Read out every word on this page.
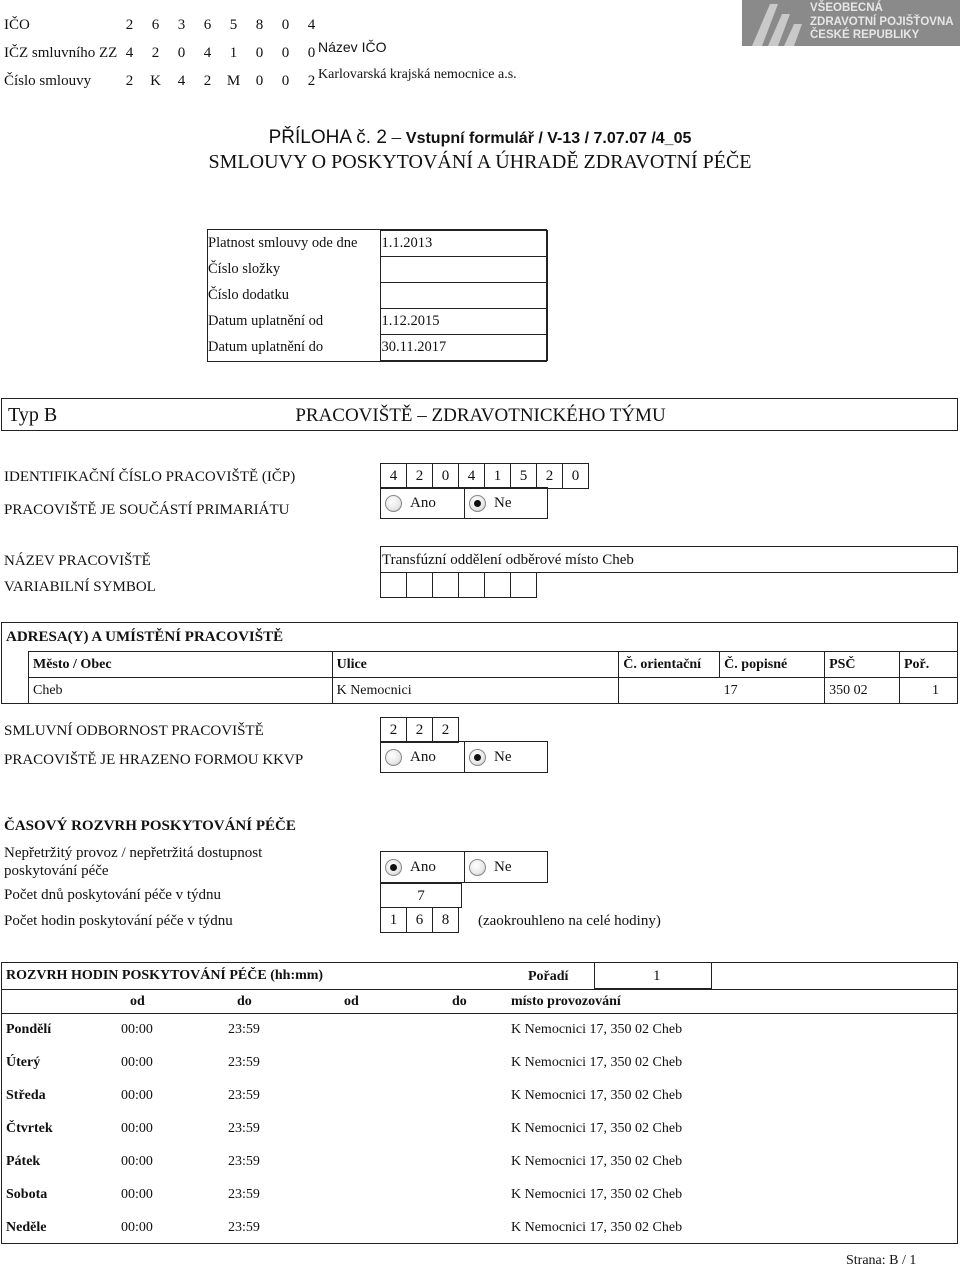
IČO	2	6	3	6	5	8	0	4
IČZ smluvního ZZ 4	2	0	4	1	0	0	0
Číslo smlouvy	2	K	4	2	M	0	0	2
Název IČO
Karlovarská krajská nemocnice a.s.
VŠEOBECNÁ
ZDRAVOTNÍ POJIŠŤOVNA
ČESKÉ REPUBLIKY
PŘÍLOHA č. 2 – Vstupní formulář / V-13 / 7.07.07 /4_05
SMLOUVY O POSKYTOVÁNÍ A ÚHRADĚ ZDRAVOTNÍ PÉČE
Platnost smlouvy ode dne	1.1.2013
Číslo složky	
Číslo dodatku	
Datum uplatnění od	1.12.2015
Datum uplatnění do	30.11.2017
Typ B	PRACOVIŠTĚ – ZDRAVOTNICKÉHO TÝMU
IDENTIFIKAČNÍ ČÍSLO PRACOVIŠTĚ (IČP)	4	2	0	4	1	5	2	0
PRACOVIŠTĚ JE SOUČÁSTÍ PRIMARIÁTU	Ano	Ne
NÁZEV PRACOVIŠTĚ	Transfúzní oddělení odběrové místo Cheb
VARIABILNÍ SYMBOL
ADRESA(Y) A UMÍSTĚNÍ PRACOVIŠTĚ
Město / Obec	Ulice	Č. orientační	Č. popisné	PSČ	Poř.
Cheb	K Nemocnici		17	350 02	1
SMLUVNÍ ODBORNOST PRACOVIŠTĚ	2	2	2
PRACOVIŠTĚ JE HRAZENO FORMOU KKVP	Ano	Ne
ČASOVÝ ROZVRH POSKYTOVÁNÍ PÉČE
Nepřetržitý provoz / nepřetržitá dostupnost
poskytování péče	Ano	Ne
Počet dnů poskytování péče v týdnu	7
Počet hodin poskytování péče v týdnu	1	6	8	(zaokrouhleno na celé hodiny)
ROZVRH HODIN POSKYTOVÁNÍ PÉČE (hh:mm)	Pořadí	1
	od	do	od	do	místo provozování
Pondělí	00:00	23:59			K Nemocnici 17, 350 02 Cheb
Úterý	00:00	23:59			K Nemocnici 17, 350 02 Cheb
Středa	00:00	23:59			K Nemocnici 17, 350 02 Cheb
Čtvrtek	00:00	23:59			K Nemocnici 17, 350 02 Cheb
Pátek	00:00	23:59			K Nemocnici 17, 350 02 Cheb
Sobota	00:00	23:59			K Nemocnici 17, 350 02 Cheb
Neděle	00:00	23:59			K Nemocnici 17, 350 02 Cheb
Strana: B / 1
